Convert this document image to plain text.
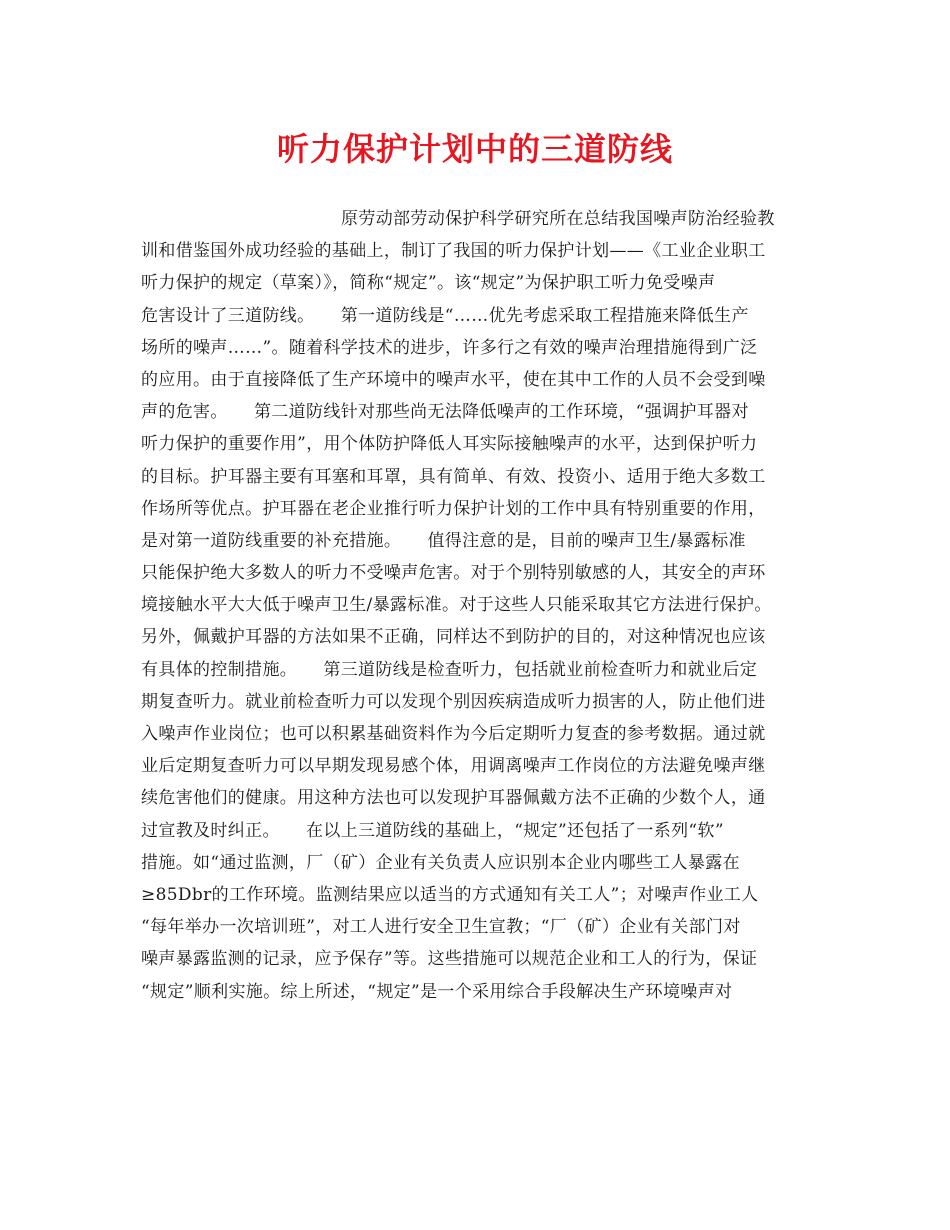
听力保护计划中的三道防线
原劳动部劳动保护科学研究所在总结我国噪声防治经验教
训和借鉴国外成功经验的基础上，制订了我国的听力保护计划——《工业企业职工
听力保护的规定（草案）》，简称“规定”。该“规定”为保护职工听力免受噪声
危害设计了三道防线。　　第一道防线是“……优先考虑采取工程措施来降低生产
场所的噪声……”。随着科学技术的进步，许多行之有效的噪声治理措施得到广泛
的应用。由于直接降低了生产环境中的噪声水平，使在其中工作的人员不会受到噪
声的危害。　　第二道防线针对那些尚无法降低噪声的工作环境，“强调护耳器对
听力保护的重要作用”，用个体防护降低人耳实际接触噪声的水平，达到保护听力
的目标。护耳器主要有耳塞和耳罩，具有简单、有效、投资小、适用于绝大多数工
作场所等优点。护耳器在老企业推行听力保护计划的工作中具有特别重要的作用，
是对第一道防线重要的补充措施。　　值得注意的是，目前的噪声卫生/暴露标准
只能保护绝大多数人的听力不受噪声危害。对于个别特别敏感的人，其安全的声环
境接触水平大大低于噪声卫生/暴露标准。对于这些人只能采取其它方法进行保护。
另外，佩戴护耳器的方法如果不正确，同样达不到防护的目的，对这种情况也应该
有具体的控制措施。　　第三道防线是检查听力，包括就业前检查听力和就业后定
期复查听力。就业前检查听力可以发现个别因疾病造成听力损害的人，防止他们进
入噪声作业岗位；也可以积累基础资料作为今后定期听力复查的参考数据。通过就
业后定期复查听力可以早期发现易感个体，用调离噪声工作岗位的方法避免噪声继
续危害他们的健康。用这种方法也可以发现护耳器佩戴方法不正确的少数个人，通
过宣教及时纠正。　　在以上三道防线的基础上，“规定”还包括了一系列“软”
措施。如“通过监测，厂（矿）企业有关负责人应识别本企业内哪些工人暴露在
≥85Dbr的工作环境。监测结果应以适当的方式通知有关工人”；对噪声作业工人
“每年举办一次培训班”，对工人进行安全卫生宣教；“厂（矿）企业有关部门对
噪声暴露监测的记录，应予保存”等。这些措施可以规范企业和工人的行为，保证
“规定”顺利实施。综上所述，“规定”是一个采用综合手段解决生产环境噪声对
